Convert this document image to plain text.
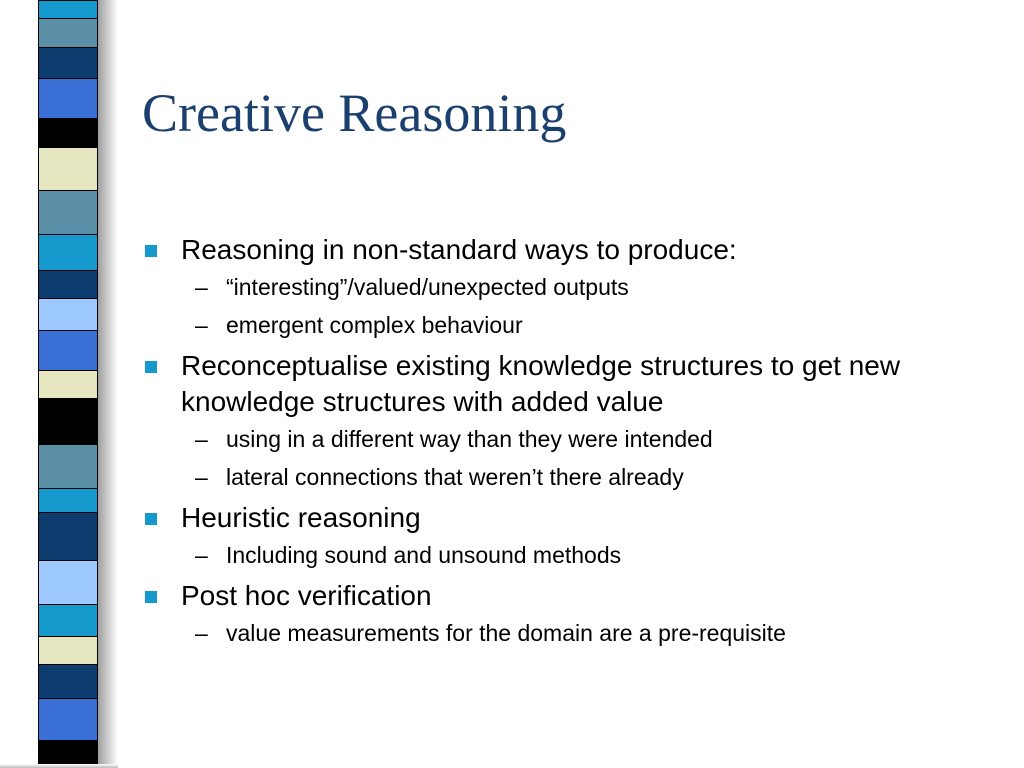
Creative Reasoning
Reasoning in non-standard ways to produce:
– “interesting”/valued/unexpected outputs
– emergent complex behaviour
Reconceptualise existing knowledge structures to get new knowledge structures with added value
– using in a different way than they were intended
– lateral connections that weren’t there already
Heuristic reasoning
– Including sound and unsound methods
Post hoc verification
– value measurements for the domain are a pre-requisite
